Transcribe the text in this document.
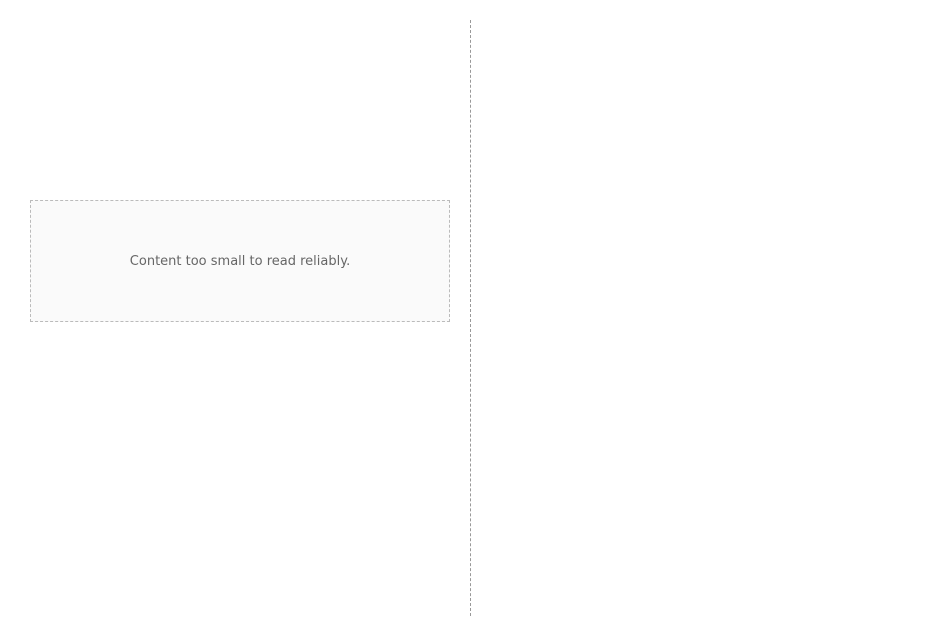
Content too small to read reliably.
